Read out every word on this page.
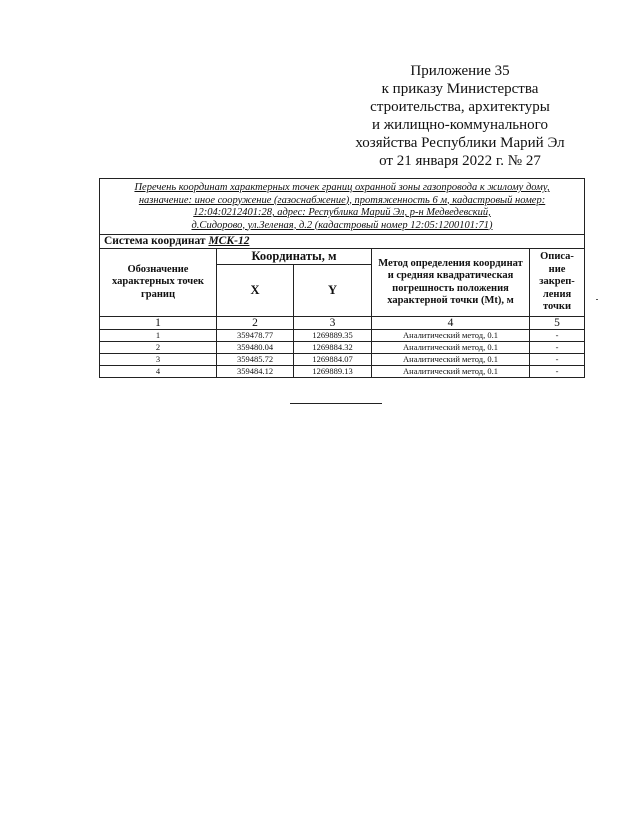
Приложение 35
к приказу Министерства
строительства, архитектуры
и жилищно-коммунального
хозяйства Республики Марий Эл
от 21 января 2022 г. № 27
Перечень координат характерных точек границ охранной зоны газопровода к жилому дому,
назначение: иное сооружение (газоснабжение), протяженность 6 м, кадастровый номер:
12:04:0212401:28, адрес: Республика Марий Эл, р-н Медведевский,
д.Сидорово, ул.Зеленая, д.2 (кадастровый номер 12:05:1200101:71)				

Система координат МСК-12				
Обозначение характерных точек границ	Координаты, м		Метод определения координат и средняя квадратическая погрешность положения характерной точки (Mt), м	Описа-ние закреп-ления точки
	X	Y		
1	2	3	4	5
1	359478.77	1269889.35	Аналитический метод, 0.1	-
2	359480.04	1269884.32	Аналитический метод, 0.1	-
3	359485.72	1269884.07	Аналитический метод, 0.1	-
4	359484.12	1269889.13	Аналитический метод, 0.1	-
